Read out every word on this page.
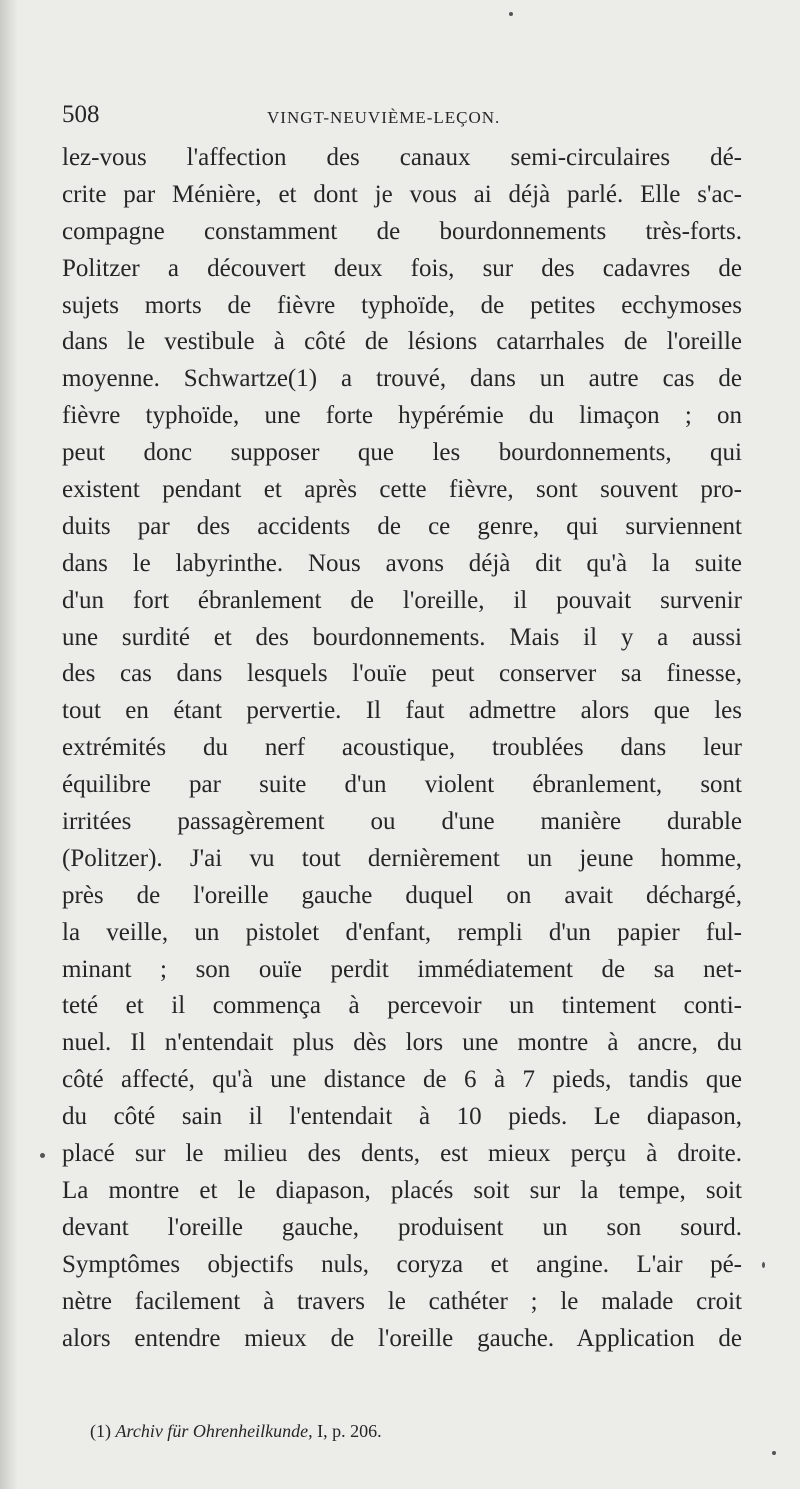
508	VINGT-NEUVIÈME-LEÇON.
lez-vous l'affection des canaux semi-circulaires dé-
crite par Ménière, et dont je vous ai déjà parlé. Elle s'ac-
compagne constamment de bourdonnements très-forts.
Politzer a découvert deux fois, sur des cadavres de
sujets morts de fièvre typhoïde, de petites ecchymoses
dans le vestibule à côté de lésions catarrhales de l'oreille
moyenne. Schwartze(1) a trouvé, dans un autre cas de
fièvre typhoïde, une forte hypérémie du limaçon ; on
peut donc supposer que les bourdonnements, qui
existent pendant et après cette fièvre, sont souvent pro-
duits par des accidents de ce genre, qui surviennent
dans le labyrinthe. Nous avons déjà dit qu'à la suite
d'un fort ébranlement de l'oreille, il pouvait survenir
une surdité et des bourdonnements. Mais il y a aussi
des cas dans lesquels l'ouïe peut conserver sa finesse,
tout en étant pervertie. Il faut admettre alors que les
extrémités du nerf acoustique, troublées dans leur
équilibre par suite d'un violent ébranlement, sont
irritées passagèrement ou d'une manière durable
(Politzer). J'ai vu tout dernièrement un jeune homme,
près de l'oreille gauche duquel on avait déchargé,
la veille, un pistolet d'enfant, rempli d'un papier ful-
minant ; son ouïe perdit immédiatement de sa net-
teté et il commença à percevoir un tintement conti-
nuel. Il n'entendait plus dès lors une montre à ancre, du
côté affecté, qu'à une distance de 6 à 7 pieds, tandis que
du côté sain il l'entendait à 10 pieds. Le diapason,
placé sur le milieu des dents, est mieux perçu à droite.
La montre et le diapason, placés soit sur la tempe, soit
devant l'oreille gauche, produisent un son sourd.
Symptômes objectifs nuls, coryza et angine. L'air pé-
nètre facilement à travers le cathéter ; le malade croit
alors entendre mieux de l'oreille gauche. Application de
(1) Archiv für Ohrenheilkunde, I, p. 206.
